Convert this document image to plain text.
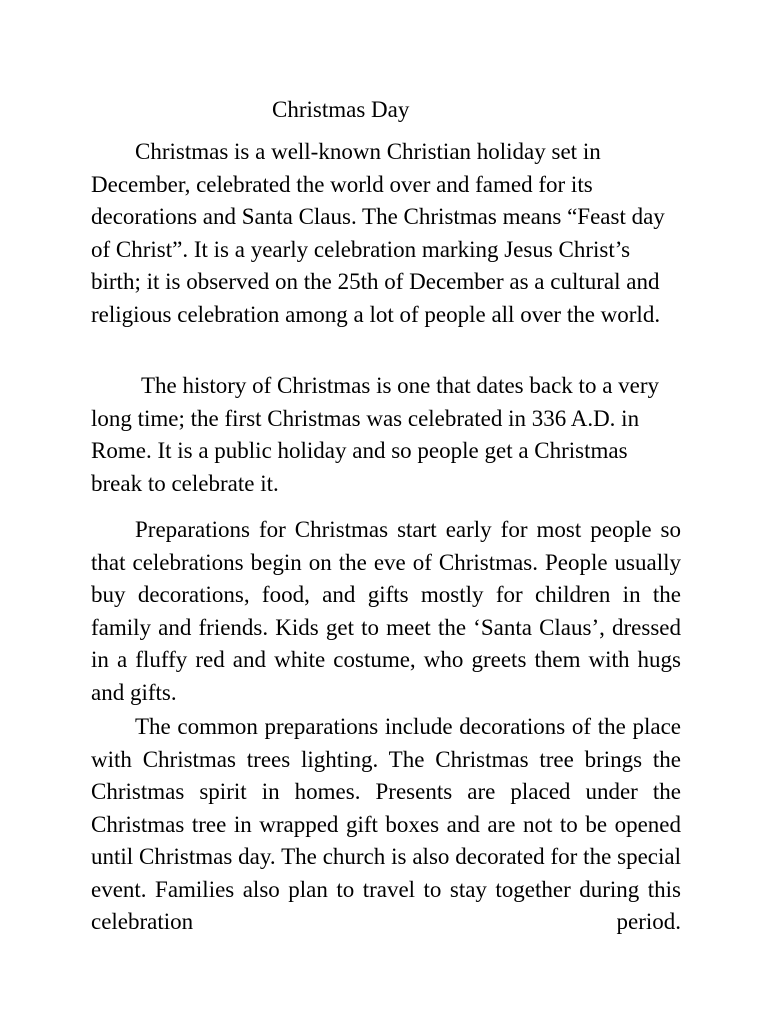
Christmas Day

Christmas is a well-known Christian holiday set in December, celebrated the world over and famed for its decorations and Santa Claus. The Christmas means “Feast day of Christ”. It is a yearly celebration marking Jesus Christ’s birth; it is observed on the 25th of December as a cultural and religious celebration among a lot of people all over the world.

The history of Christmas is one that dates back to a very long time; the first Christmas was celebrated in 336 A.D. in Rome. It is a public holiday and so people get a Christmas break to celebrate it.

Preparations for Christmas start early for most people so that celebrations begin on the eve of Christmas. People usually buy decorations, food, and gifts mostly for children in the family and friends. Kids get to meet the ‘Santa Claus’, dressed in a fluffy red and white costume, who greets them with hugs and gifts.

The common preparations include decorations of the place with Christmas trees lighting. The Christmas tree brings the Christmas spirit in homes. Presents are placed under the Christmas tree in wrapped gift boxes and are not to be opened until Christmas day. The church is also decorated for the special event. Families also plan to travel to stay together during this celebration period.
